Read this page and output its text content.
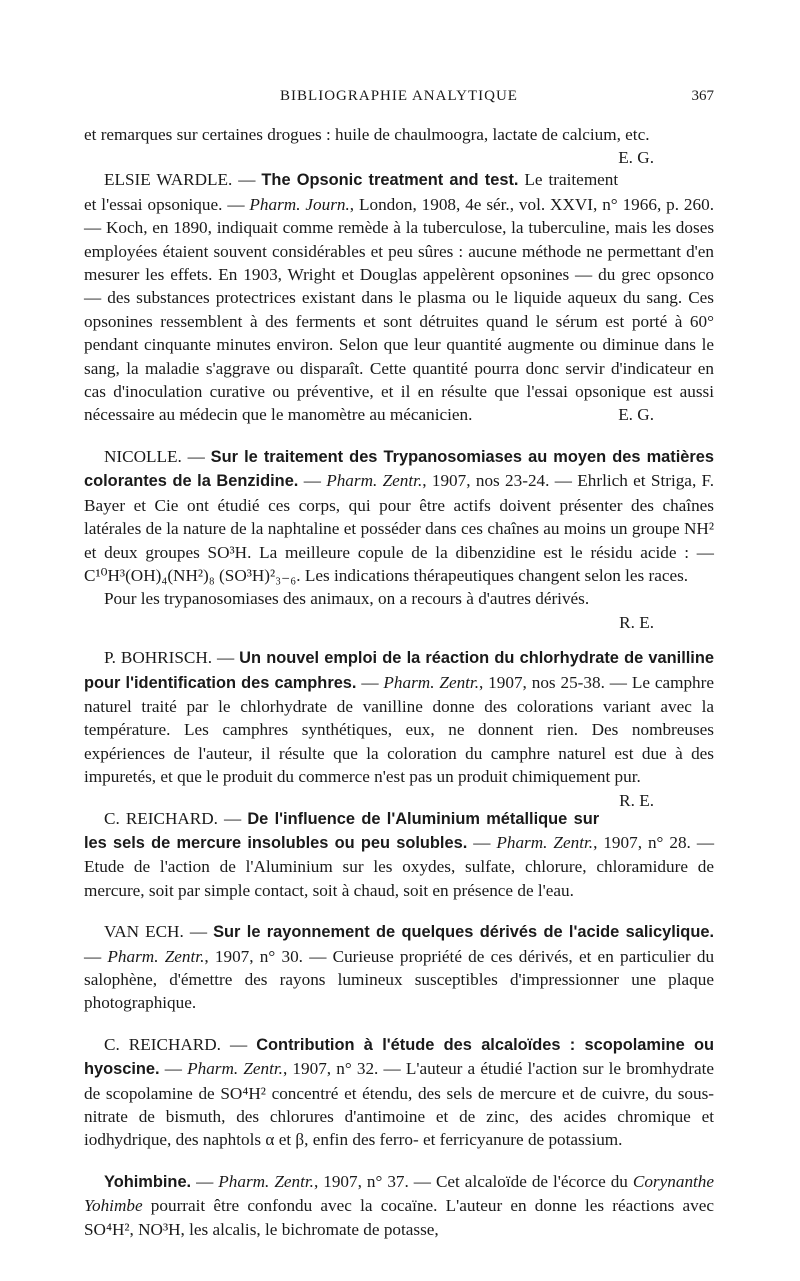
BIBLIOGRAPHIE ANALYTIQUE	367

et remarques sur certaines drogues : huile de chaulmoogra, lactate de calcium, etc.
E. G.

ELSIE WARDLE. — The Opsonic treatment and test. Le traitement et l'essai opsonique. — Pharm. Journ., London, 1908, 4e sér., vol. XXVI, n° 1966, p. 260. — Koch, en 1890, indiquait comme remède à la tuberculose, la tuberculine, mais les doses employées étaient souvent considérables et peu sûres : aucune méthode ne permettant d'en mesurer les effets. En 1903, Wright et Douglas appelèrent opsonines — du grec opsonco — des substances protectrices existant dans le plasma ou le liquide aqueux du sang. Ces opsonines ressemblent à des ferments et sont détruites quand le sérum est porté à 60° pendant cinquante minutes environ. Selon que leur quantité augmente ou diminue dans le sang, la maladie s'aggrave ou disparaît. Cette quantité pourra donc servir d'indicateur en cas d'inoculation curative ou préventive, et il en résulte que l'essai opsonique est aussi nécessaire au médecin que le manomètre au mécanicien.	E. G.

NICOLLE. — Sur le traitement des Trypanosomiases au moyen des matières colorantes de la Benzidine. — Pharm. Zentr., 1907, nos 23-24. — Ehrlich et Striga, F. Bayer et Cie ont étudié ces corps, qui pour être actifs doivent présenter des chaînes latérales de la nature de la naphtaline et posséder dans ces chaînes au moins un groupe NH² et deux groupes SO³H. La meilleure copule de la dibenzidine est le résidu acide : — C¹⁰H³(OH)₄(NH²)₈ (SO³H)²₃₋₆. Les indications thérapeutiques changent selon les races.

Pour les trypanosomiases des animaux, on a recours à d'autres dérivés.

R. E.

P. BOHRISCH. — Un nouvel emploi de la réaction du chlorhydrate de vanilline pour l'identification des camphres. — Pharm. Zentr., 1907, nos 25-38. — Le camphre naturel traité par le chlorhydrate de vanilline donne des colorations variant avec la température. Les camphres synthétiques, eux, ne donnent rien. Des nombreuses expériences de l'auteur, il résulte que la coloration du camphre naturel est due à des impuretés, et que le produit du commerce n'est pas un produit chimiquement pur.
R. E.

C. REICHARD. — De l'influence de l'Aluminium métallique sur les sels de mercure insolubles ou peu solubles. — Pharm. Zentr., 1907, n° 28. — Etude de l'action de l'Aluminium sur les oxydes, sulfate, chlorure, chloramidure de mercure, soit par simple contact, soit à chaud, soit en présence de l'eau.

VAN ECH. — Sur le rayonnement de quelques dérivés de l'acide salicylique. — Pharm. Zentr., 1907, n° 30. — Curieuse propriété de ces dérivés, et en particulier du salophène, d'émettre des rayons lumineux susceptibles d'impressionner une plaque photographique.

C. REICHARD. — Contribution à l'étude des alcaloïdes : scopolamine ou hyoscine. — Pharm. Zentr., 1907, n° 32. — L'auteur a étudié l'action sur le bromhydrate de scopolamine de SO⁴H² concentré et étendu, des sels de mercure et de cuivre, du sous-nitrate de bismuth, des chlorures d'antimoine et de zinc, des acides chromique et iodhydrique, des naphtols α et β, enfin des ferro- et ferricyanure de potassium.

Yohimbine. — Pharm. Zentr., 1907, n° 37. — Cet alcaloïde de l'écorce du Corynanthe Yohimbe pourrait être confondu avec la cocaïne. L'auteur en donne les réactions avec SO⁴H², NO³H, les alcalis, le bichromate de potasse,
